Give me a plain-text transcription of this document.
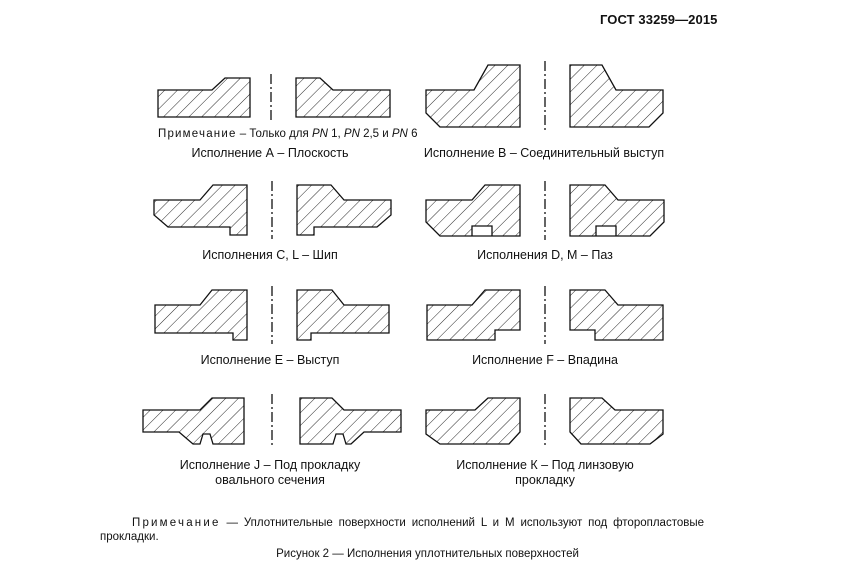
ГОСТ 33259—2015
Примечание – Только для PN 1, PN 2,5 и PN 6
Исполнение А – Плоскость	Исполнение В – Соединительный выступ
Исполнения С, L – Шип	Исполнения D, М – Паз
Исполнение Е – Выступ	Исполнение F – Впадина
Исполнение J – Под прокладку
овального сечения
Исполнение К – Под линзовую
прокладку
Примечание — Уплотнительные поверхности исполнений L и M используют под фторопластовые прокладки.
Рисунок 2 — Исполнения уплотнительных поверхностей
